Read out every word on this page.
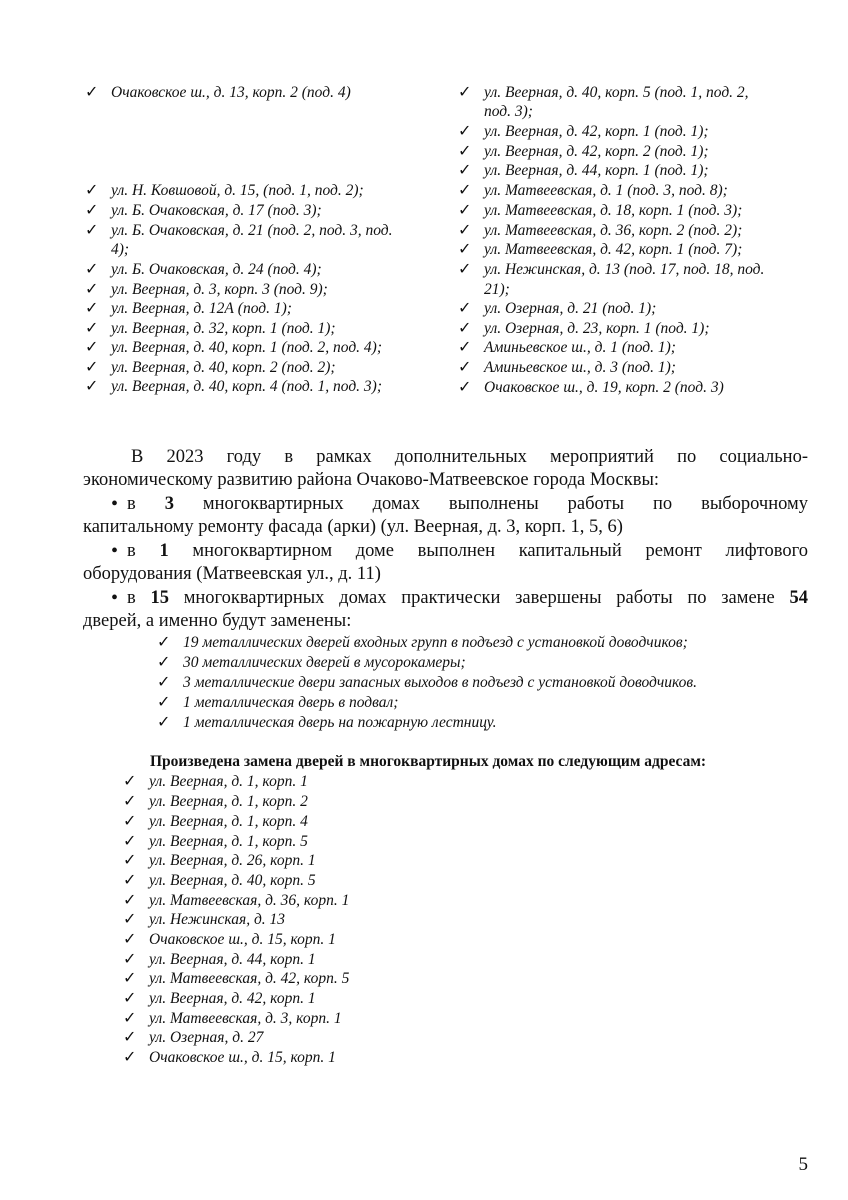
✓ Очаковское ш., д. 13, корп. 2 (под. 4)
✓ ул. Н. Ковшовой, д. 15, (под. 1, под. 2);
✓ ул. Б. Очаковская, д. 17 (под. 3);
✓ ул. Б. Очаковская, д. 21 (под. 2, под. 3, под.
4);
✓ ул. Б. Очаковская, д. 24 (под. 4);
✓ ул. Веерная, д. 3, корп. 3 (под. 9);
✓ ул. Веерная, д. 12А (под. 1);
✓ ул. Веерная, д. 32, корп. 1 (под. 1);
✓ ул. Веерная, д. 40, корп. 1 (под. 2, под. 4);
✓ ул. Веерная, д. 40, корп. 2 (под. 2);
✓ ул. Веерная, д. 40, корп. 4 (под. 1, под. 3);
✓ ул. Веерная, д. 40, корп. 5 (под. 1, под. 2,
под. 3);
✓ ул. Веерная, д. 42, корп. 1 (под. 1);
✓ ул. Веерная, д. 42, корп. 2 (под. 1);
✓ ул. Веерная, д. 44, корп. 1 (под. 1);
✓ ул. Матвеевская, д. 1 (под. 3, под. 8);
✓ ул. Матвеевская, д. 18, корп. 1 (под. 3);
✓ ул. Матвеевская, д. 36, корп. 2 (под. 2);
✓ ул. Матвеевская, д. 42, корп. 1 (под. 7);
✓ ул. Нежинская, д. 13 (под. 17, под. 18, под.
21);
✓ ул. Озерная, д. 21 (под. 1);
✓ ул. Озерная, д. 23, корп. 1 (под. 1);
✓ Аминьевское ш., д. 1 (под. 1);
✓ Аминьевское ш., д. 3 (под. 1);
✓ Очаковское ш., д. 19, корп. 2 (под. 3)
В 2023 году в рамках дополнительных мероприятий по социально-
экономическому развитию района Очаково-Матвеевское города Москвы:
• в 3 многоквартирных домах выполнены работы по выборочному
капитальному ремонту фасада (арки) (ул. Веерная, д. 3, корп. 1, 5, 6)
• в 1 многоквартирном доме выполнен капитальный ремонт лифтового
оборудования (Матвеевская ул., д. 11)
• в 15 многоквартирных домах практически завершены работы по замене 54
дверей, а именно будут заменены:
✓ 19 металлических дверей входных групп в подъезд с установкой доводчиков;
✓ 30 металлических дверей в мусорокамеры;
✓ 3 металлические двери запасных выходов в подъезд с установкой доводчиков.
✓ 1 металлическая дверь в подвал;
✓ 1 металлическая дверь на пожарную лестницу.
Произведена замена дверей в многоквартирных домах по следующим адресам:
✓ ул. Веерная, д. 1, корп. 1
✓ ул. Веерная, д. 1, корп. 2
✓ ул. Веерная, д. 1, корп. 4
✓ ул. Веерная, д. 1, корп. 5
✓ ул. Веерная, д. 26, корп. 1
✓ ул. Веерная, д. 40, корп. 5
✓ ул. Матвеевская, д. 36, корп. 1
✓ ул. Нежинская, д. 13
✓ Очаковское ш., д. 15, корп. 1
✓ ул. Веерная, д. 44, корп. 1
✓ ул. Матвеевская, д. 42, корп. 5
✓ ул. Веерная, д. 42, корп. 1
✓ ул. Матвеевская, д. 3, корп. 1
✓ ул. Озерная, д. 27
✓ Очаковское ш., д. 15, корп. 1
5
